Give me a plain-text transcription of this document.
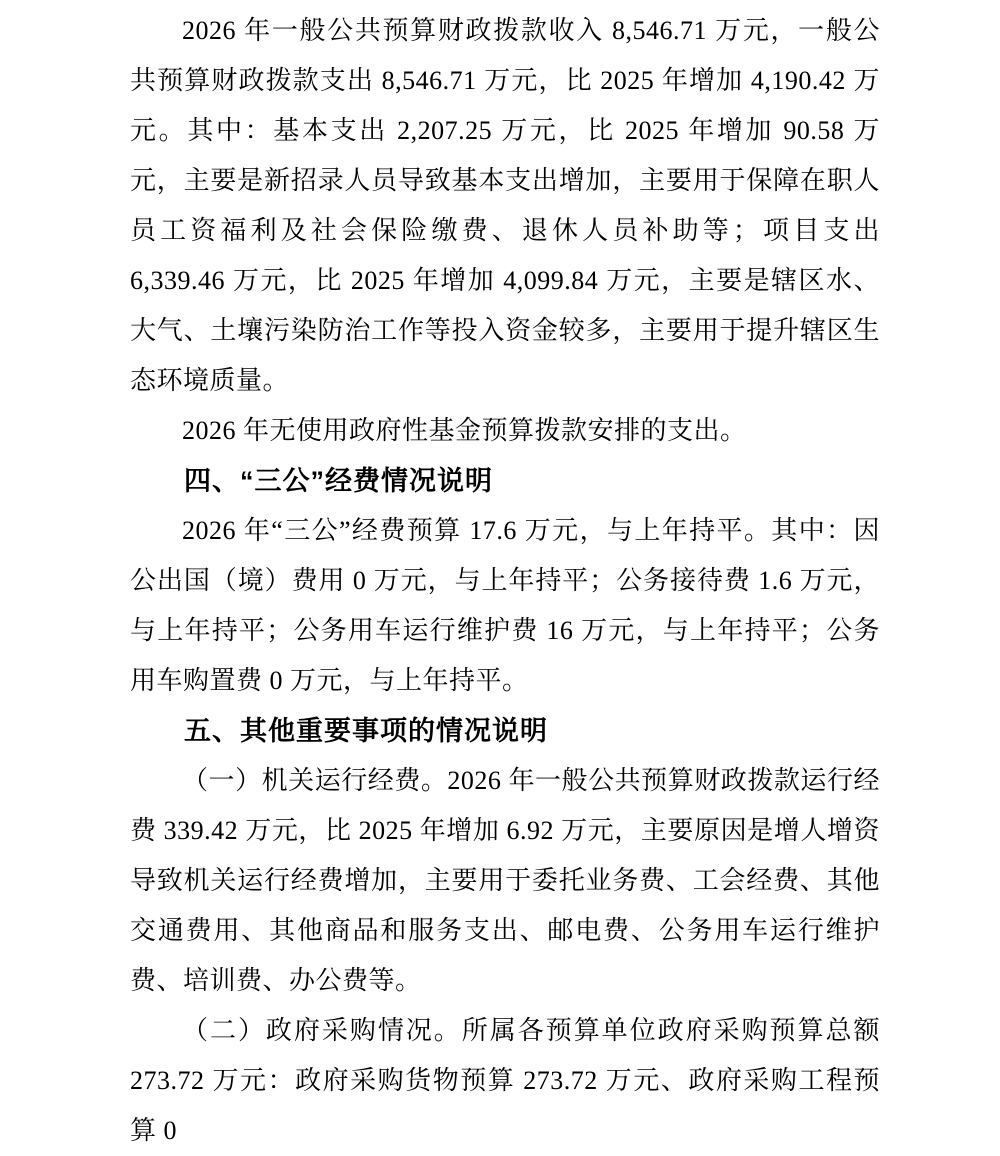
2026 年一般公共预算财政拨款收入 8,546.71 万元，一般公共预算财政拨款支出 8,546.71 万元，比 2025 年增加 4,190.42 万元。其中：基本支出 2,207.25 万元，比 2025 年增加 90.58 万元，主要是新招录人员导致基本支出增加，主要用于保障在职人员工资福利及社会保险缴费、退休人员补助等；项目支出 6,339.46 万元，比 2025 年增加 4,099.84 万元，主要是辖区水、大气、土壤污染防治工作等投入资金较多，主要用于提升辖区生态环境质量。

2026 年无使用政府性基金预算拨款安排的支出。

四、“三公”经费情况说明

2026 年“三公”经费预算 17.6 万元，与上年持平。其中：因公出国（境）费用 0 万元，与上年持平；公务接待费 1.6 万元，与上年持平；公务用车运行维护费 16 万元，与上年持平；公务用车购置费 0 万元，与上年持平。

五、其他重要事项的情况说明

（一）机关运行经费。2026 年一般公共预算财政拨款运行经费 339.42 万元，比 2025 年增加 6.92 万元，主要原因是增人增资导致机关运行经费增加，主要用于委托业务费、工会经费、其他交通费用、其他商品和服务支出、邮电费、公务用车运行维护费、培训费、办公费等。

（二）政府采购情况。所属各预算单位政府采购预算总额 273.72 万元：政府采购货物预算 273.72 万元、政府采购工程预算 0
